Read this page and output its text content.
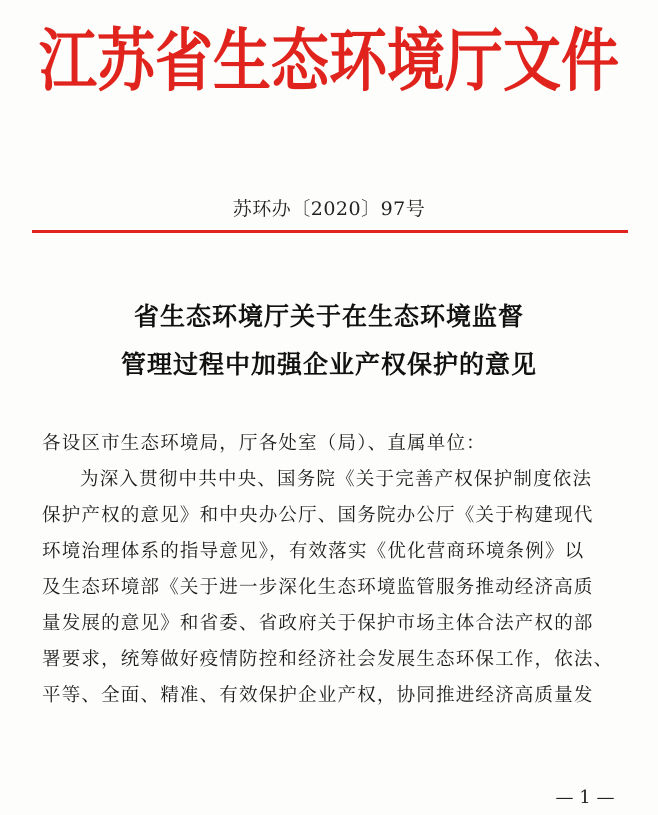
江苏省生态环境厅文件
苏环办〔2020〕97号
省生态环境厅关于在生态环境监督
管理过程中加强企业产权保护的意见
各设区市生态环境局，厅各处室（局）、直属单位：
为深入贯彻中共中央、国务院《关于完善产权保护制度依法
保护产权的意见》和中央办公厅、国务院办公厅《关于构建现代
环境治理体系的指导意见》，有效落实《优化营商环境条例》以
及生态环境部《关于进一步深化生态环境监管服务推动经济高质
量发展的意见》和省委、省政府关于保护市场主体合法产权的部
署要求，统筹做好疫情防控和经济社会发展生态环保工作，依法、
平等、全面、精准、有效保护企业产权，协同推进经济高质量发
— 1 —
